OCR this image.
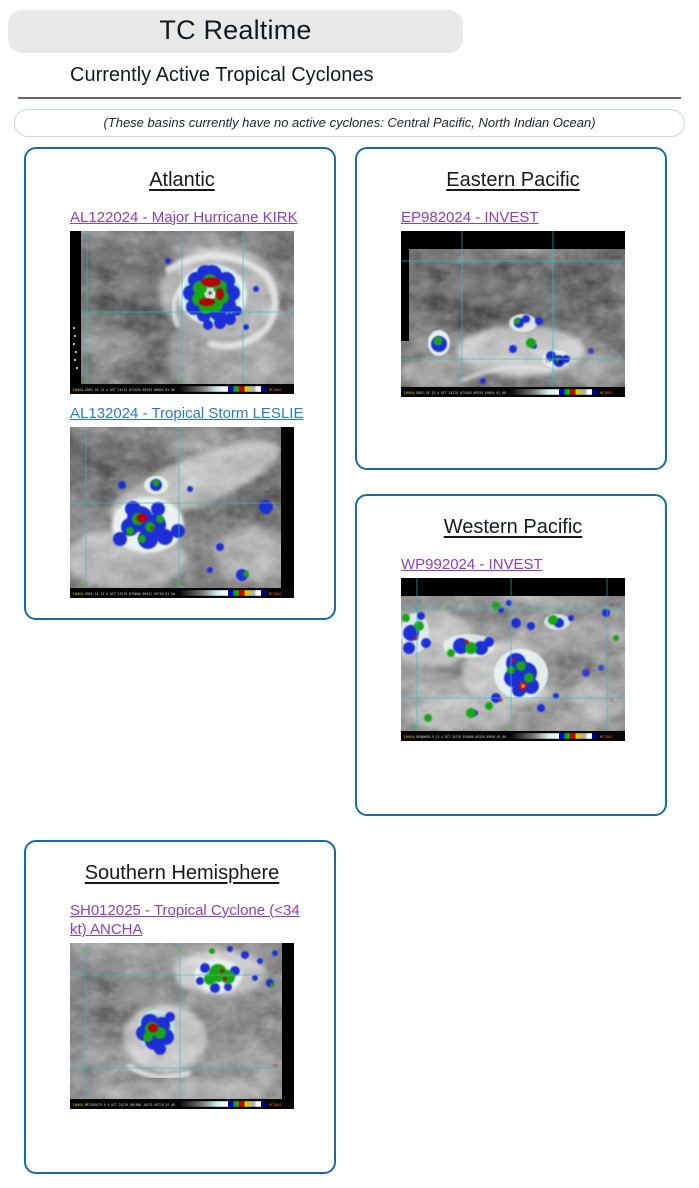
TC Realtime
Currently Active Tropical Cyclones
(These basins currently have no active cyclones: Central Pacific, North Indian Ocean)
Atlantic
AL122024 - Major Hurricane KIRK
30
60	50
1000L GOES-16 13 4 OCT 24276 071020 09193 08024 01 00	MCIDAS
AL132024 - Tropical Storm LESLIE
15
40	30
1000L GOES-16 13 4 OCT 24276 070000 09431 09745 01 00	MCIDAS
Southern Hemisphere
SH012025 - Tropical Cyclone (<34 kt) ANCHA
60	70	80
50
55
1000L METEOSAT9 9 4 OCT 24276 061900 10133 09718 01 00	MCIDAS
Eastern Pacific
EP982024 - INVEST
30
20
15
1000L GOES-18 13 4 OCT 24276 071020 09339 09054 01 00	MCIDAS
Western Pacific
WP992024 - INVEST
15
20
35	40
1000L HIMAWARI-9 13 4 OCT 24276 070000 08318 09026 01 00	MCIDAS
